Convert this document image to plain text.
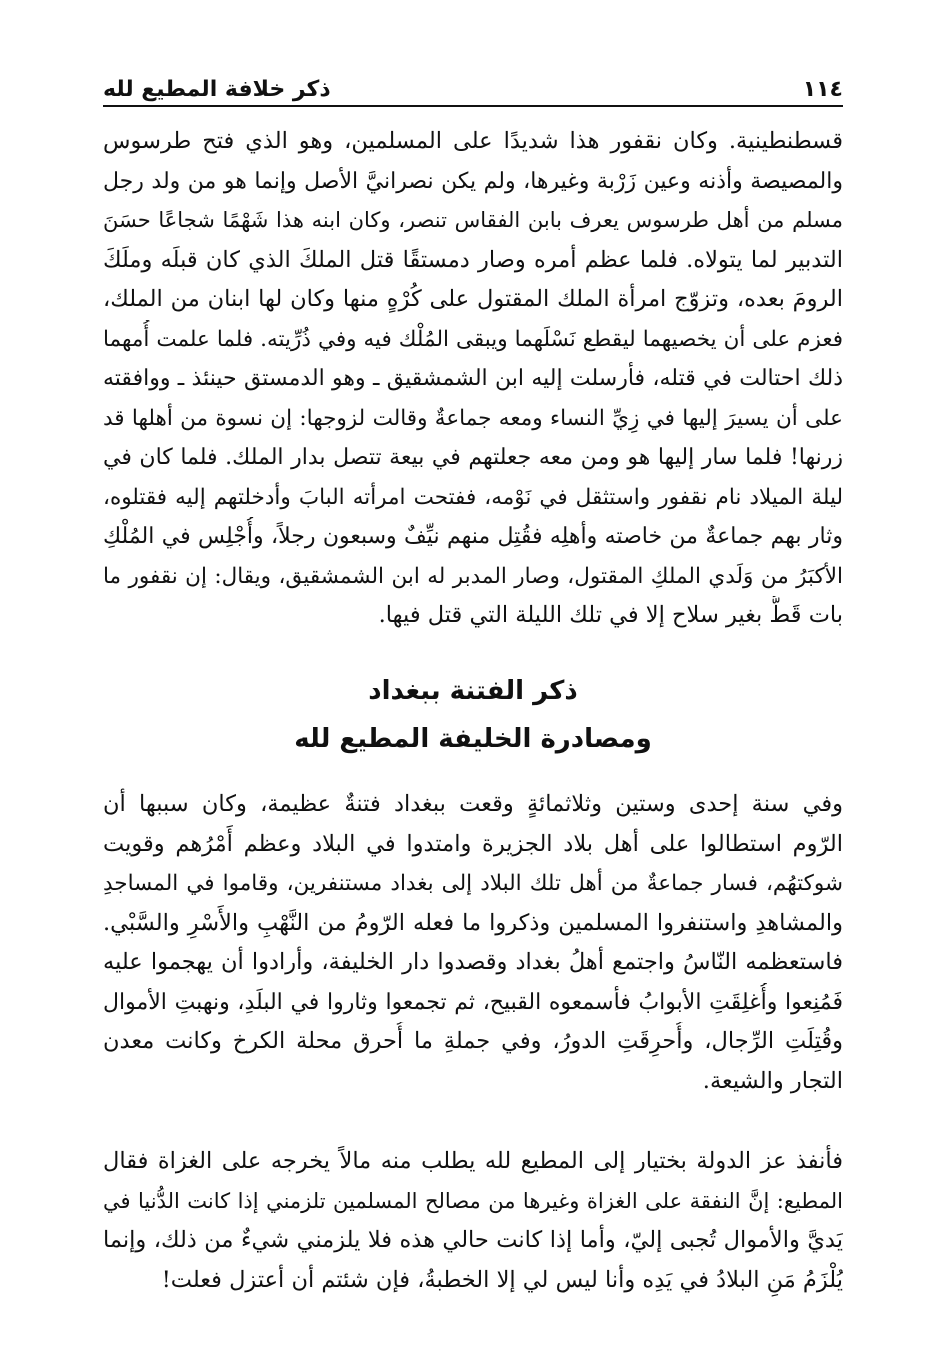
١١٤
ذكر خلافة المطيع لله
قسطنطينية. وكان نقفور هذا شديدًا على المسلمين، وهو الذي فتح طرسوس
والمصيصة وأذنه وعين زَرْبة وغيرها، ولم يكن نصرانيَّ الأصل وإنما هو من ولد رجل
مسلم من أهل طرسوس يعرف بابن الفقاس تنصر، وكان ابنه هذا شَهْمًا شجاعًا حسَنَ
التدبير لما يتولاه. فلما عظم أمره وصار دمستقًا قتل الملكَ الذي كان قبلَه وملَكَ
الرومَ بعده، وتزوّج امرأة الملك المقتول على كُرْهٍ منها وكان لها ابنان من الملك،
فعزم على أن يخصيهما ليقطع نَسْلَهما ويبقى المُلْك فيه وفي ذُرِّيته. فلما علمت أُمهما
ذلك احتالت في قتله، فأرسلت إليه ابن الشمشقيق ـ وهو الدمستق حينئذ ـ ووافقته
على أن يسيرَ إليها في زِيِّ النساء ومعه جماعةٌ وقالت لزوجها: إن نسوة من أهلها قد
زرنها! فلما سار إليها هو ومن معه جعلتهم في بيعة تتصل بدار الملك. فلما كان في
ليلة الميلاد نام نقفور واستثقل في نَوْمه، ففتحت امرأته البابَ وأدخلتهم إليه فقتلوه،
وثار بهم جماعةٌ من خاصته وأهلِه فقُتِل منهم نيِّفٌ وسبعون رجلاً، وأُجْلِس في المُلْكِ
الأكبَرُ من وَلَدي الملكِ المقتول، وصار المدبر له ابن الشمشقيق، ويقال: إن نقفور ما
بات قَطُّ بغير سلاح إلا في تلك الليلة التي قتل فيها.
ذكر الفتنة ببغداد
ومصادرة الخليفة المطيع لله
وفي سنة إحدى وستين وثلاثمائةٍ وقعت ببغداد فتنةٌ عظيمة، وكان سببها أن
الرّوم استطالوا على أهل بلاد الجزيرة وامتدوا في البلاد وعظم أَمْرُهم وقويت
شوكتهُم، فسار جماعةٌ من أهل تلك البلاد إلى بغداد مستنفرين، وقاموا في المساجدِ
والمشاهدِ واستنفروا المسلمين وذكروا ما فعله الرّومُ من النَّهْبِ والأَسْرِ والسَّبْي.
فاستعظمه النّاسُ واجتمع أهلُ بغداد وقصدوا دار الخليفة، وأرادوا أن يهجموا عليه
فَمُنِعوا وأُغلِقَتِ الأبوابُ فأسمعوه القبيح، ثم تجمعوا وثاروا في البلَدِ، ونهبتِ الأموال
وقُتِلَتِ الرِّجال، وأُحرِقَتِ الدورُ، وفي جملةِ ما أُحرق محلة الكرخ وكانت معدن
التجار والشيعة.
فأنفذ عز الدولة بختيار إلى المطيع لله يطلب منه مالاً يخرجه على الغزاة فقال
المطيع: إنَّ النفقة على الغزاة وغيرها من مصالح المسلمين تلزمني إذا كانت الدُّنيا في
يَديَّ والأموال تُجبى إليّ، وأما إذا كانت حالي هذه فلا يلزمني شيءٌ من ذلك، وإنما
يُلْزَمُ مَنِ البلادُ في يَدِه وأنا ليس لي إلا الخطبةُ، فإن شئتم أن أعتزل فعلت!
